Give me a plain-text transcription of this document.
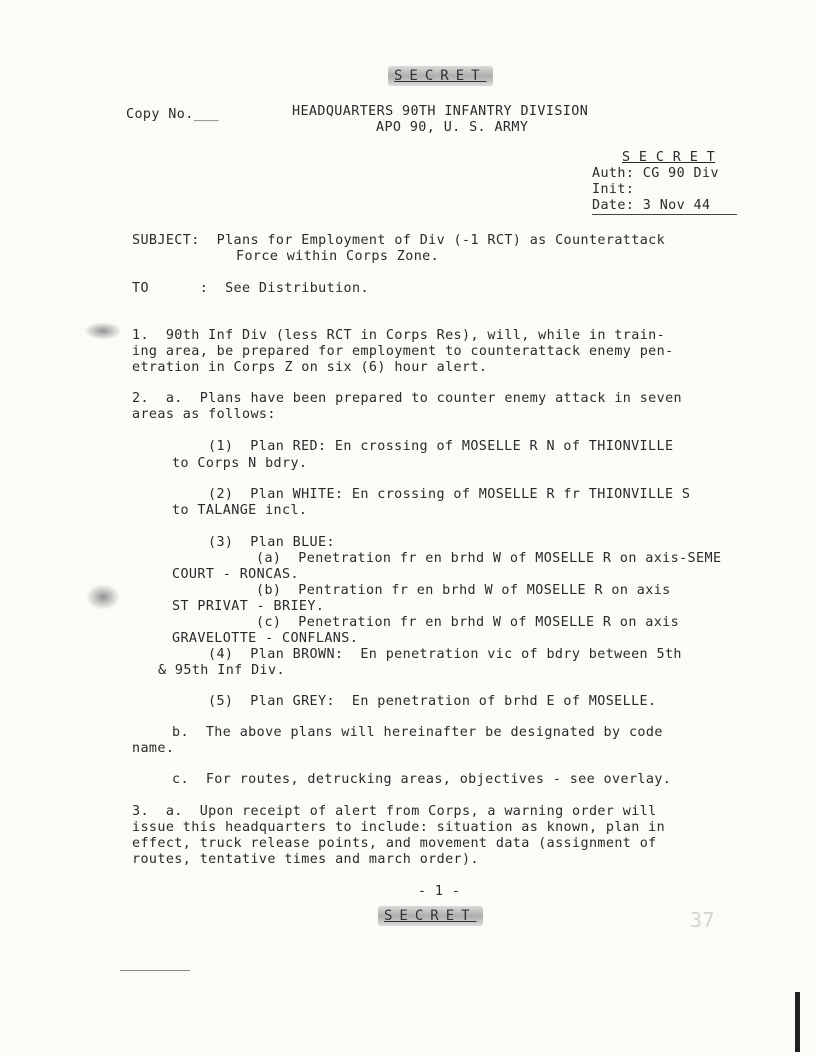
SECRET
Copy No.___	HEADQUARTERS 90TH INFANTRY DIVISION
APO 90, U. S. ARMY
S E C R E T
Auth: CG 90 Div
Init:
Date: 3 Nov 44
SUBJECT:  Plans for Employment of Div (-1 RCT) as Counterattack
Force within Corps Zone.
TO      :  See Distribution.
1.  90th Inf Div (less RCT in Corps Res), will, while in train-
ing area, be prepared for employment to counterattack enemy pen-
etration in Corps Z on six (6) hour alert.
2.  a.  Plans have been prepared to counter enemy attack in seven
areas as follows:
(1)  Plan RED: En crossing of MOSELLE R N of THIONVILLE
to Corps N bdry.
(2)  Plan WHITE: En crossing of MOSELLE R fr THIONVILLE S
to TALANGE incl.
(3)  Plan BLUE:
(a)  Penetration fr en brhd W of MOSELLE R on axis-SEME
COURT - RONCAS.
(b)  Pentration fr en brhd W of MOSELLE R on axis
ST PRIVAT - BRIEY.
(c)  Penetration fr en brhd W of MOSELLE R on axis
GRAVELOTTE - CONFLANS.
(4)  Plan BROWN:  En penetration vic of bdry between 5th
& 95th Inf Div.
(5)  Plan GREY:  En penetration of brhd E of MOSELLE.
b.  The above plans will hereinafter be designated by code
name.
c.  For routes, detrucking areas, objectives - see overlay.
3.  a.  Upon receipt of alert from Corps, a warning order will
issue this headquarters to include: situation as known, plan in
effect, truck release points, and movement data (assignment of
routes, tentative times and march order).
- 1 -
SECRET	37
